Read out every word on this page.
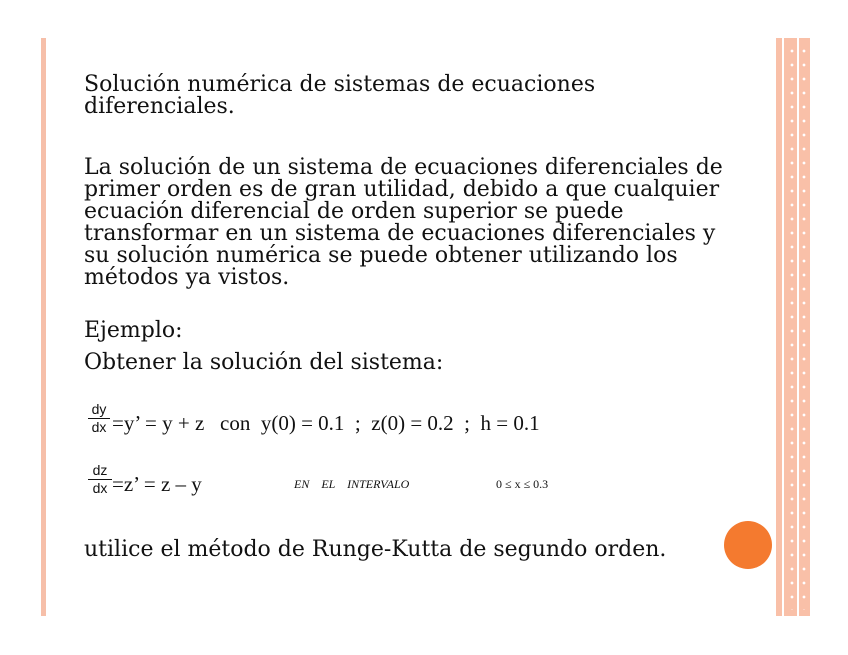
Solución numérica de sistemas de ecuaciones
diferenciales.

La solución de un sistema de ecuaciones diferenciales de
primer orden es de gran utilidad, debido a que cualquier
ecuación diferencial de orden superior se puede
transformar en un sistema de ecuaciones diferenciales y
su solución numérica se puede obtener utilizando los
métodos ya vistos.

Ejemplo:
Obtener la solución del sistema:
dy
dx =y’ = y + z   con  y(0) = 0.1  ;  z(0) = 0.2  ;  h = 0.1
dz
dx =z’ = z – y	EN    EL    INTERVALO	0 ≤ x ≤ 0.3
utilice el método de Runge-Kutta de segundo orden.
